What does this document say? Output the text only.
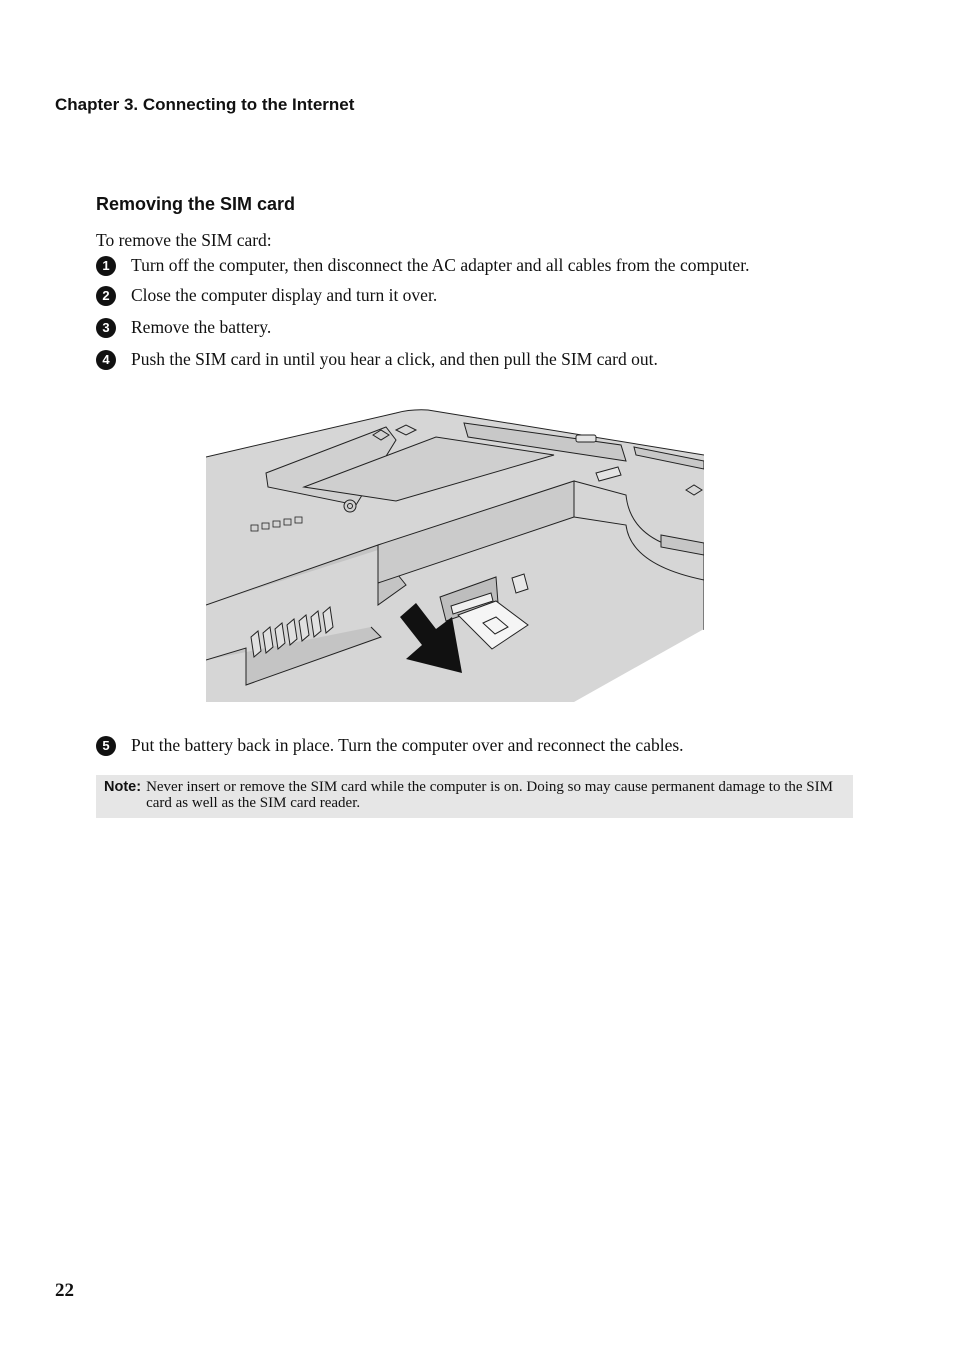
Chapter 3. Connecting to the Internet
Removing the SIM card
To remove the SIM card:
1	Turn off the computer, then disconnect the AC adapter and all cables from the computer.
2	Close the computer display and turn it over.
3	Remove the battery.
4	Push the SIM card in until you hear a click, and then pull the SIM card out.
5	Put the battery back in place. Turn the computer over and reconnect the cables.
Note: Never insert or remove the SIM card while the computer is on. Doing so may cause permanent damage to the SIM card as well as the SIM card reader.
22
